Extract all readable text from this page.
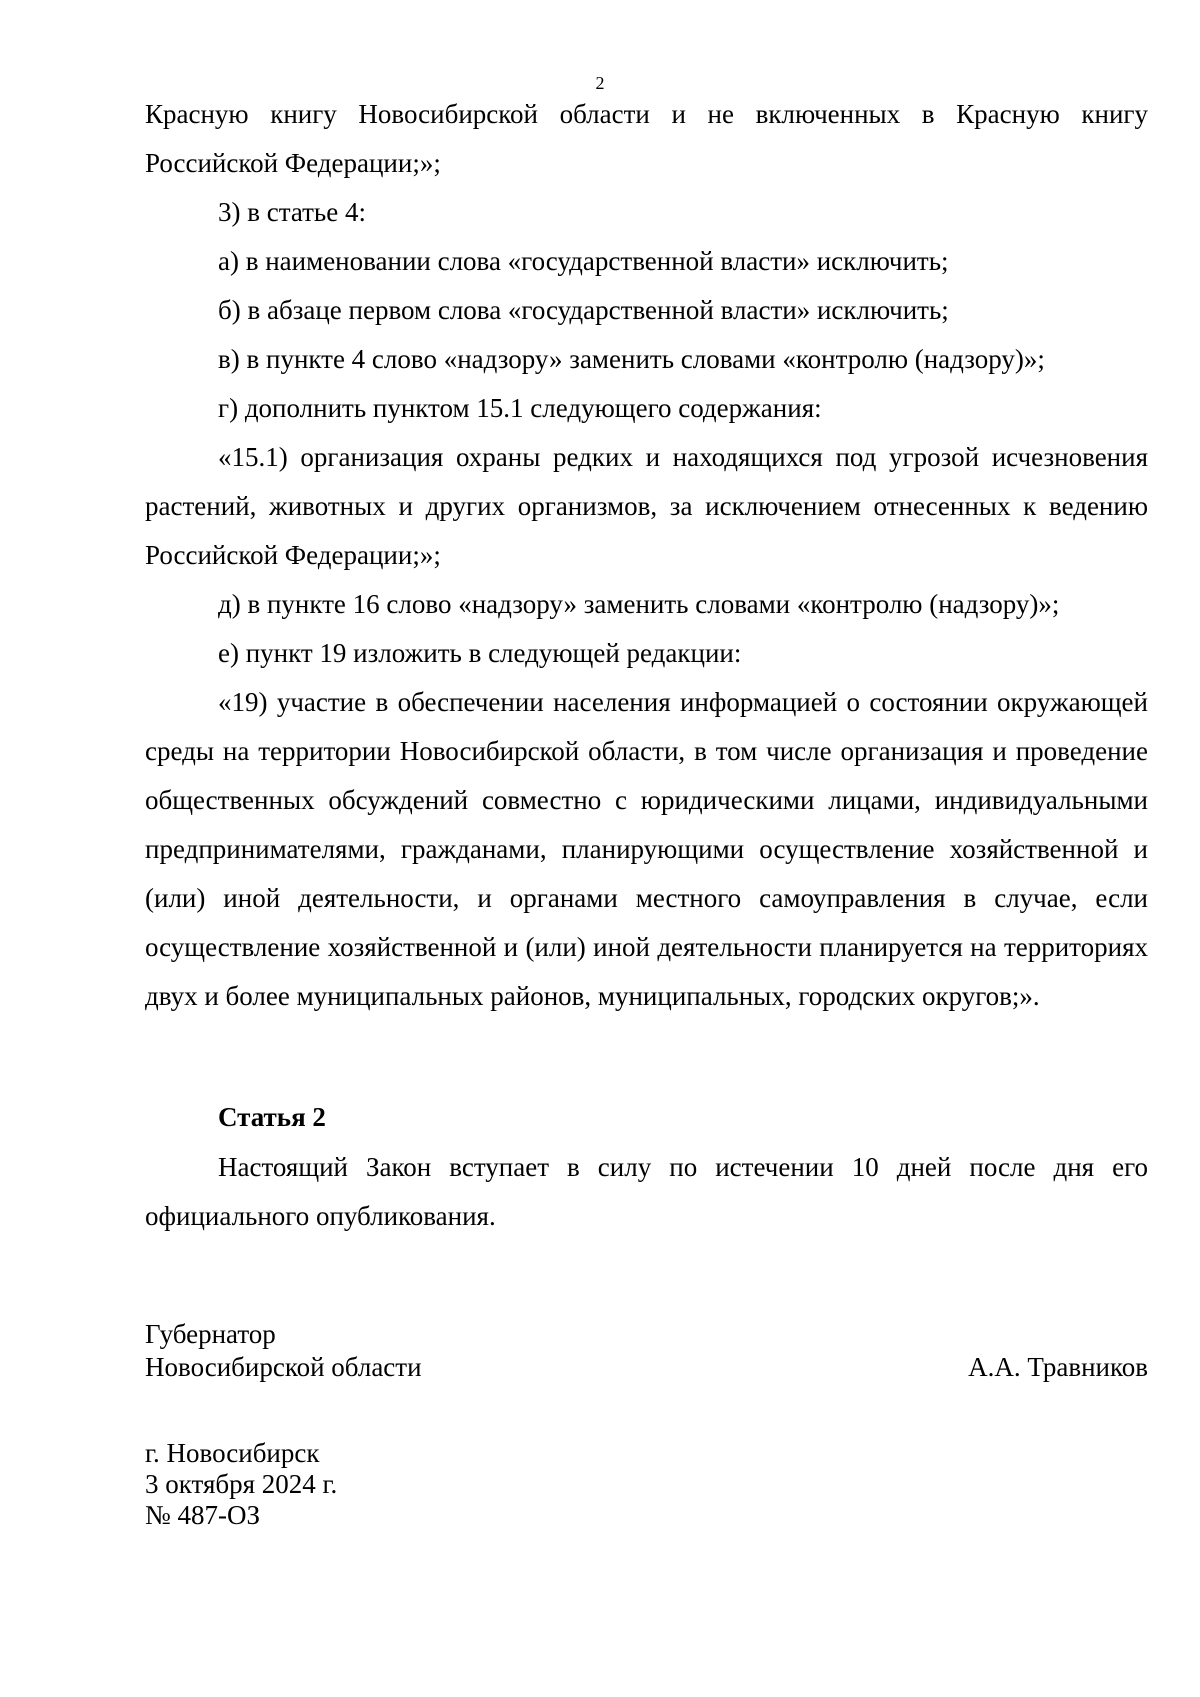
2

Красную книгу Новосибирской области и не включенных в Красную книгу Российской Федерации;»;

3) в статье 4:

а) в наименовании слова «государственной власти» исключить;

б) в абзаце первом слова «государственной власти» исключить;

в) в пункте 4 слово «надзору» заменить словами «контролю (надзору)»;

г) дополнить пунктом 15.1 следующего содержания:

«15.1) организация охраны редких и находящихся под угрозой исчезновения растений, животных и других организмов, за исключением отнесенных к ведению Российской Федерации;»;

д) в пункте 16 слово «надзору» заменить словами «контролю (надзору)»;

е) пункт 19 изложить в следующей редакции:

«19) участие в обеспечении населения информацией о состоянии окружающей среды на территории Новосибирской области, в том числе организация и проведение общественных обсуждений совместно с юридическими лицами, индивидуальными предпринимателями, гражданами, планирующими осуществление хозяйственной и (или) иной деятельности, и органами местного самоуправления в случае, если осуществление хозяйственной и (или) иной деятельности планируется на территориях двух и более муниципальных районов, муниципальных, городских округов;».

Статья 2

Настоящий Закон вступает в силу по истечении 10 дней после дня его официального опубликования.

Губернатор
Новосибирской области	А.А. Травников
г. Новосибирск
3 октября 2024 г.
№ 487-ОЗ
